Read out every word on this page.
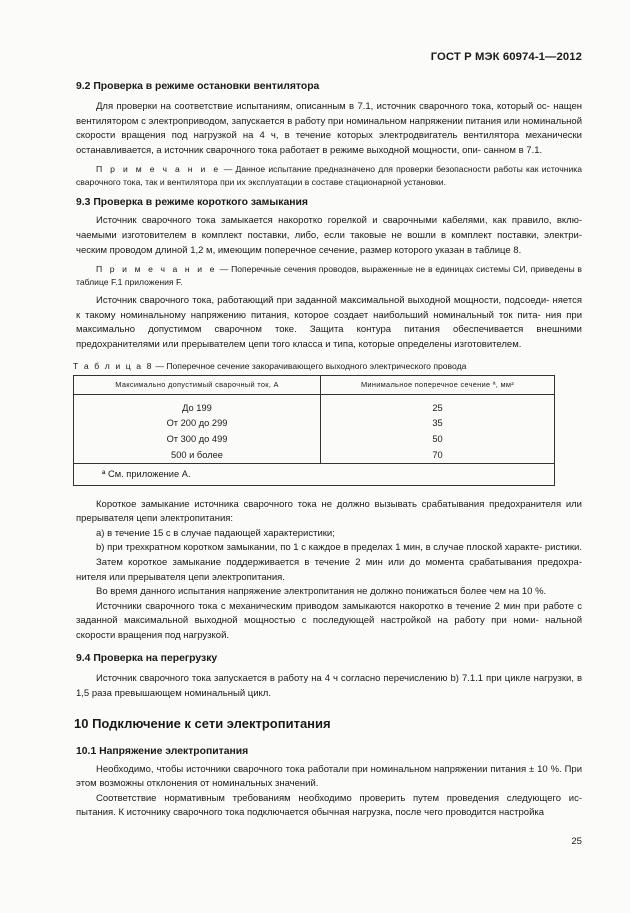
ГОСТ Р МЭК 60974-1—2012
9.2 Проверка в режиме остановки вентилятора
Для проверки на соответствие испытаниям, описанным в 7.1, источник сварочного тока, который ос- нащен вентилятором с электроприводом, запускается в работу при номинальном напряжении питания или номинальной скорости вращения под нагрузкой на 4 ч, в течение которых электродвигатель вентилятора механически останавливается, а источник сварочного тока работает в режиме выходной мощности, опи- санном в 7.1.
П р и м е ч а н и е — Данное испытание предназначено для проверки безопасности работы как источника сварочного тока, так и вентилятора при их эксплуатации в составе стационарной установки.
9.3 Проверка в режиме короткого замыкания
Источник сварочного тока замыкается накоротко горелкой и сварочными кабелями, как правило, вклю- чаемыми изготовителем в комплект поставки, либо, если таковые не вошли в комплект поставки, электри- ческим проводом длиной 1,2 м, имеющим поперечное сечение, размер которого указан в таблице 8.
П р и м е ч а н и е — Поперечные сечения проводов, выраженные не в единицах системы СИ, приведены в таблице F.1 приложения F.
Источник сварочного тока, работающий при заданной максимальной выходной мощности, подсоеди- няется к такому номинальному напряжению питания, которое создает наибольший номинальный ток пита- ния при максимально допустимом сварочном токе. Защита контура питания обеспечивается внешними предохранителями или прерывателем цепи того класса и типа, которые определены изготовителем.
Т а б л и ц а 8 — Поперечное сечение закорачивающего выходного электрического провода
Максимально допустимый сварочный ток, А	Минимальное поперечное сечение ª, мм²
До 199	25
От 200 до 299	35
От 300 до 499	50
500 и более	70
ª См. приложение А.	
Короткое замыкание источника сварочного тока не должно вызывать срабатывания предохранителя или прерывателя цепи электропитания:
а) в течение 15 с в случае падающей характеристики;
b) при трехкратном коротком замыкании, по 1 с каждое в пределах 1 мин, в случае плоской характе- ристики.
Затем короткое замыкание поддерживается в течение 2 мин или до момента срабатывания предохра- нителя или прерывателя цепи электропитания.
Во время данного испытания напряжение электропитания не должно понижаться более чем на 10 %.
Источники сварочного тока с механическим приводом замыкаются накоротко в течение 2 мин при работе с заданной максимальной выходной мощностью с последующей настройкой на работу при номи- нальной скорости вращения под нагрузкой.
9.4 Проверка на перегрузку
Источник сварочного тока запускается в работу на 4 ч согласно перечислению b) 7.1.1 при цикле нагрузки, в 1,5 раза превышающем номинальный цикл.
10 Подключение к сети электропитания
10.1 Напряжение электропитания
Необходимо, чтобы источники сварочного тока работали при номинальном напряжении питания ± 10 %. При этом возможны отклонения от номинальных значений.
Соответствие нормативным требованиям необходимо проверить путем проведения следующего ис- пытания. К источнику сварочного тока подключается обычная нагрузка, после чего проводится настройка
25
